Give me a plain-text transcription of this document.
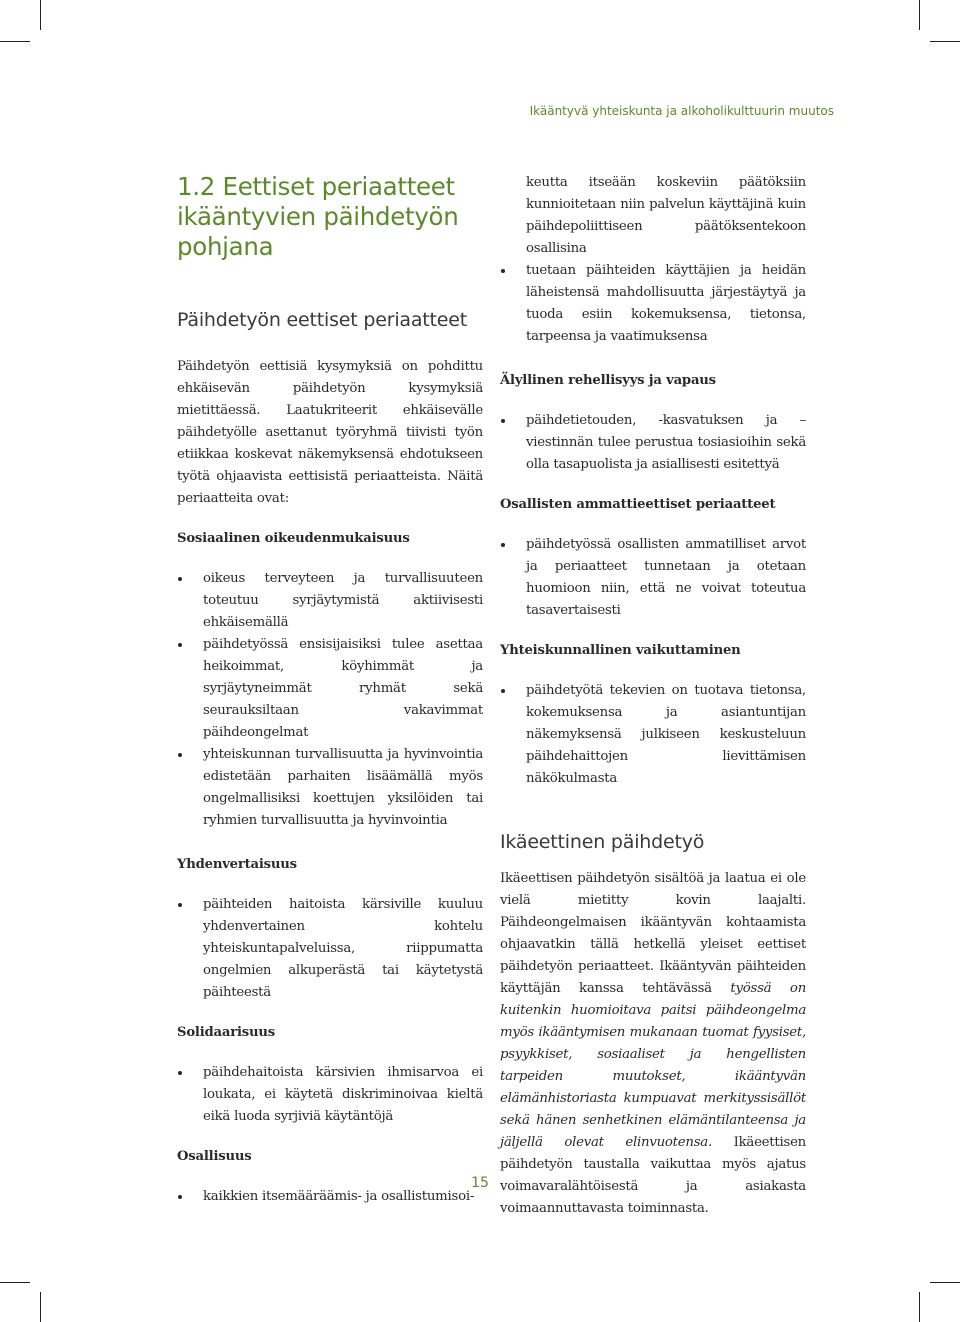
Ikääntyvä yhteiskunta ja alkoholikulttuurin muutos
1.2 Eettiset periaatteet
ikääntyvien päihdetyön
pohjana
Päihdetyön eettiset periaatteet

Päihdetyön eettisiä kysymyksiä on pohdittu ehkäisevän päihdetyön kysymyksiä mietittäessä. Laatukriteerit ehkäisevälle päihdetyölle asettanut työryhmä tiivisti työn etiikkaa koskevat näkemyksensä ehdotukseen työtä ohjaavista eettisistä periaatteista. Näitä periaatteita ovat:

Sosiaalinen oikeudenmukaisuus
oikeus terveyteen ja turvallisuuteen toteutuu syrjäytymistä aktiivisesti ehkäisemällä
päihdetyössä ensisijaisiksi tulee asettaa heikoimmat, köyhimmät ja syrjäytyneimmät ryhmät sekä seurauksiltaan vakavimmat päihdeongelmat
yhteiskunnan turvallisuutta ja hyvinvointia edistetään parhaiten lisäämällä myös ongelmallisiksi koettujen yksilöiden tai ryhmien turvallisuutta ja hyvinvointia
Yhdenvertaisuus
päihteiden haitoista kärsiville kuuluu yhdenvertainen kohtelu yhteiskuntapalveluissa, riippumatta ongelmien alkuperästä tai käytetystä päihteestä
Solidaarisuus
päihdehaitoista kärsivien ihmisarvoa ei loukata, ei käytetä diskriminoivaa kieltä eikä luoda syrjiviä käytäntöjä
Osallisuus
kaikkien itsemääräämis- ja osallistumisoi-
keutta itseään koskeviin päätöksiin kunnioitetaan niin palvelun käyttäjinä kuin päihdepoliittiseen päätöksentekoon osallisina
tuetaan päihteiden käyttäjien ja heidän läheistensä mahdollisuutta järjestäytyä ja tuoda esiin kokemuksensa, tietonsa, tarpeensa ja vaatimuksensa
Älyllinen rehellisyys ja vapaus
päihdetietouden, -kasvatuksen ja –viestinnän tulee perustua tosiasioihin sekä olla tasapuolista ja asiallisesti esitettyä
Osallisten ammattieettiset periaatteet
päihdetyössä osallisten ammatilliset arvot ja periaatteet tunnetaan ja otetaan huomioon niin, että ne voivat toteutua tasavertaisesti
Yhteiskunnallinen vaikuttaminen
päihdetyötä tekevien on tuotava tietonsa, kokemuksensa ja asiantuntijan näkemyksensä julkiseen keskusteluun päihdehaittojen lievittämisen näkökulmasta
Ikäeettinen päihdetyö

Ikäeettisen päihdetyön sisältöä ja laatua ei ole vielä mietitty kovin laajalti. Päihdeongelmaisen ikääntyvän kohtaamista ohjaavatkin tällä hetkellä yleiset eettiset päihdetyön periaatteet. Ikääntyvän päihteiden käyttäjän kanssa tehtävässä työssä on kuitenkin huomioitava paitsi päihdeongelma myös ikääntymisen mukanaan tuomat fyysiset, psyykkiset, sosiaaliset ja hengellisten tarpeiden muutokset, ikääntyvän elämänhistoriasta kumpuavat merkityssisällöt sekä hänen senhetkinen elämäntilanteensa ja jäljellä olevat elinvuotensa. Ikäeettisen päihdetyön taustalla vaikuttaa myös ajatus voimavaralähtöisestä ja asiakasta voimaannuttavasta toiminnasta.

15
